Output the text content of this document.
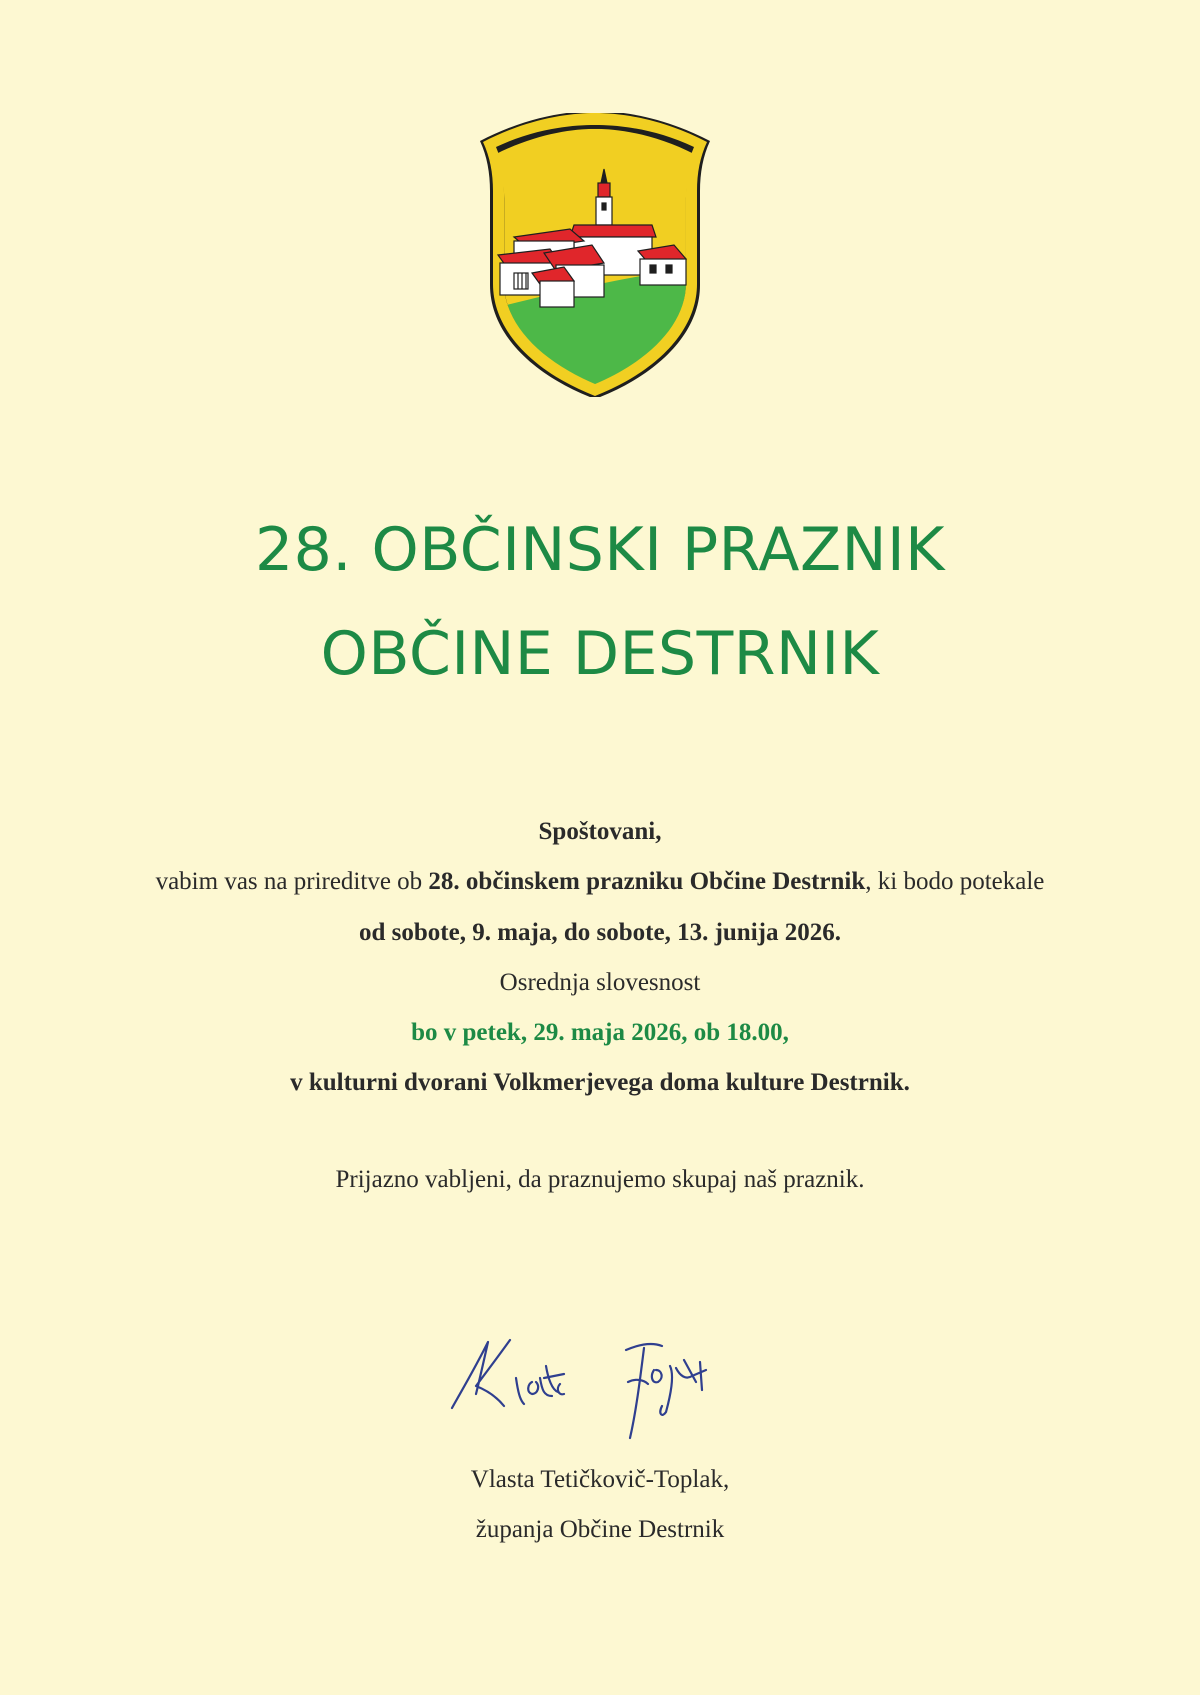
28. OBČINSKI PRAZNIK
OBČINE DESTRNIK
Spoštovani,
vabim vas na prireditve ob 28. občinskem prazniku Občine Destrnik, ki bodo potekale
od sobote, 9. maja, do sobote, 13. junija 2026.
Osrednja slovesnost
bo v petek, 29. maja 2026, ob 18.00,
v kulturni dvorani Volkmerjevega doma kulture Destrnik.
Prijazno vabljeni, da praznujemo skupaj naš praznik.
Vlasta Tetičkovič-Toplak,
županja Občine Destrnik
